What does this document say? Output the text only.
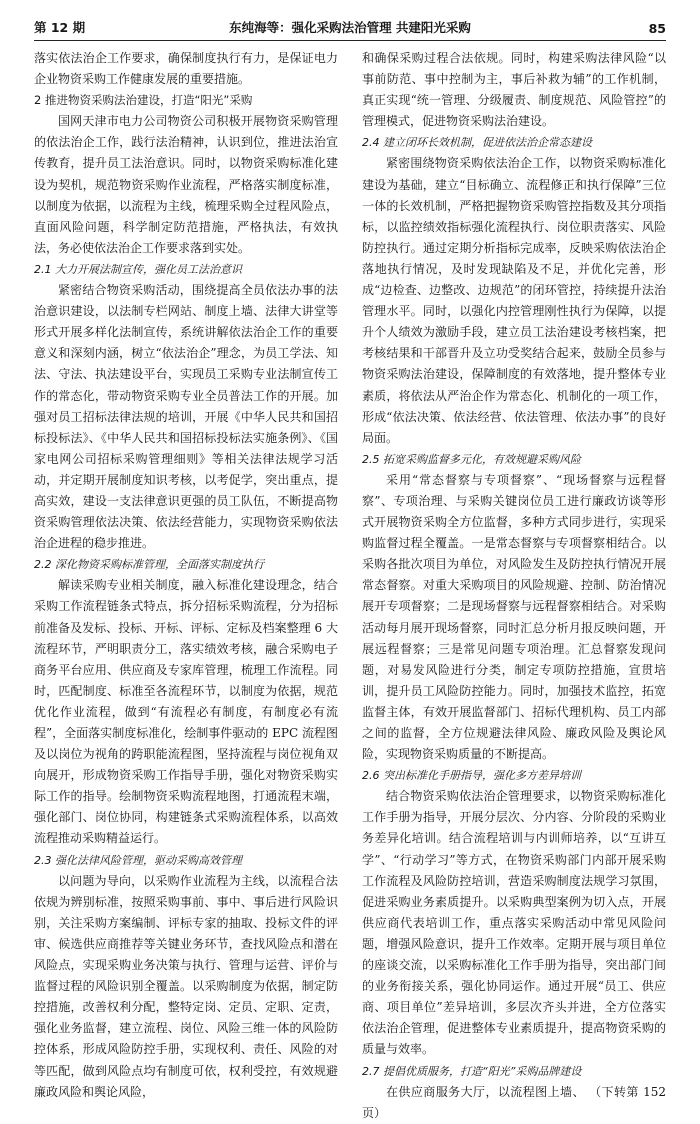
第 12 期	东纯海等：强化采购法治管理 共建阳光采购	85

落实依法治企工作要求，确保制度执行有力，是保证电力企业物资采购工作健康发展的重要措施。

2 推进物资采购法治建设，打造“阳光”采购

国网天津市电力公司物资公司积极开展物资采购管理的依法治企工作，践行法治精神，认识到位，推进法治宣传教育，提升员工法治意识。同时，以物资采购标准化建设为契机，规范物资采购作业流程，严格落实制度标准，以制度为依据，以流程为主线，梳理采购全过程风险点，直面风险问题，科学制定防范措施，严格执法，有效执法，务必使依法治企工作要求落到实处。

2.1 大力开展法制宣传，强化员工法治意识

紧密结合物资采购活动，围绕提高全员依法办事的法治意识建设，以法制专栏网站、制度上墙、法律大讲堂等形式开展多样化法制宣传，系统讲解依法治企工作的重要意义和深刻内涵，树立“依法治企”理念，为员工学法、知法、守法、执法建设平台，实现员工采购专业法制宣传工作的常态化，带动物资采购专业全员普法工作的开展。加强对员工招标法律法规的培训，开展《中华人民共和国招标投标法》、《中华人民共和国招标投标法实施条例》、《国家电网公司招标采购管理细则》等相关法律法规学习活动，并定期开展制度知识考核，以考促学，突出重点，提高实效，建设一支法律意识更强的员工队伍，不断提高物资采购管理依法决策、依法经营能力，实现物资采购依法治企进程的稳步推进。

2.2 深化物资采购标准管理，全面落实制度执行

解读采购专业相关制度，融入标准化建设理念，结合采购工作流程链条式特点，拆分招标采购流程，分为招标前准备及发标、投标、开标、评标、定标及档案整理 6 大流程环节，严明职责分工，落实绩效考核，融合采购电子商务平台应用、供应商及专家库管理，梳理工作流程。同时，匹配制度、标准至各流程环节，以制度为依据，规范优化作业流程，做到“有流程必有制度，有制度必有流程”，全面落实制度标准化，绘制事件驱动的 EPC 流程图及以岗位为视角的跨职能流程图，坚持流程与岗位视角双向展开，形成物资采购工作指导手册，强化对物资采购实际工作的指导。绘制物资采购流程地图，打通流程末端，强化部门、岗位协同，构建链条式采购流程体系，以高效流程推动采购精益运行。

2.3 强化法律风险管理，驱动采购高效管理

以问题为导向，以采购作业流程为主线，以流程合法依规为辨别标准，按照采购事前、事中、事后进行风险识别，关注采购方案编制、评标专家的抽取、投标文件的评审、候选供应商推荐等关键业务环节，查找风险点和潜在风险点，实现采购业务决策与执行、管理与运营、评价与监督过程的风险识别全覆盖。以采购制度为依据，制定防控措施，改善权利分配，整特定岗、定员、定职、定责，强化业务监督，建立流程、岗位、风险三维一体的风险防控体系，形成风险防控手册，实现权利、责任、风险的对等匹配，做到风险点均有制度可依，权利受控，有效规避廉政风险和舆论风险，

和确保采购过程合法依规。同时，构建采购法律风险“以事前防范、事中控制为主，事后补救为辅”的工作机制，真正实现“统一管理、分级履责、制度规范、风险管控”的管理模式，促进物资采购法治建设。

2.4 建立闭环长效机制，促进依法治企常态建设

紧密围绕物资采购依法治企工作，以物资采购标准化建设为基础，建立“目标确立、流程修正和执行保障”三位一体的长效机制，严格把握物资采购管控指数及其分项指标，以监控绩效指标强化流程执行、岗位职责落实、风险防控执行。通过定期分析指标完成率，反映采购依法治企落地执行情况，及时发现缺陷及不足，并优化完善，形成“边检查、边整改、边规范”的闭环管控，持续提升法治管理水平。同时，以强化内控管理刚性执行为保障，以提升个人绩效为激励手段，建立员工法治建设考核档案，把考核结果和干部晋升及立功受奖结合起来，鼓励全员参与物资采购法治建设，保障制度的有效落地，提升整体专业素质，将依法从严治企作为常态化、机制化的一项工作，形成“依法决策、依法经营、依法管理、依法办事”的良好局面。

2.5 拓宽采购监督多元化，有效规避采购风险

采用“常态督察与专项督察”、“现场督察与远程督察”、专项治理、与采购关键岗位员工进行廉政访谈等形式开展物资采购全方位监督，多种方式同步进行，实现采购监督过程全覆盖。一是常态督察与专项督察相结合。以采购各批次项目为单位，对风险发生及防控执行情况开展常态督察。对重大采购项目的风险规避、控制、防治情况展开专项督察；二是现场督察与远程督察相结合。对采购活动每月展开现场督察，同时汇总分析月报反映问题，开展远程督察；三是常见问题专项治理。汇总督察发现问题，对易发风险进行分类，制定专项防控措施，宣贯培训，提升员工风险防控能力。同时，加强技术监控，拓宽监督主体，有效开展监督部门、招标代理机构、员工内部之间的监督，全方位规避法律风险、廉政风险及舆论风险，实现物资采购质量的不断提高。

2.6 突出标准化手册指导，强化多方差异培训

结合物资采购依法治企管理要求，以物资采购标准化工作手册为指导，开展分层次、分内容、分阶段的采购业务差异化培训。结合流程培训与内训师培养，以“互讲互学”、“行动学习”等方式，在物资采购部门内部开展采购工作流程及风险防控培训，营造采购制度法规学习氛围，促进采购业务素质提升。以采购典型案例为切入点，开展供应商代表培训工作，重点落实采购活动中常见风险问题，增强风险意识，提升工作效率。定期开展与项目单位的座谈交流，以采购标准化工作手册为指导，突出部门间的业务衔接关系，强化协同运作。通过开展“员工、供应商、项目单位”差异培训，多层次齐头并进，全方位落实依法治企管理，促进整体专业素质提升，提高物资采购的质量与效率。

2.7 提倡优质服务，打造“阳光”采购品牌建设

在供应商服务大厅，以流程图上墙、 （下转第 152 页）
